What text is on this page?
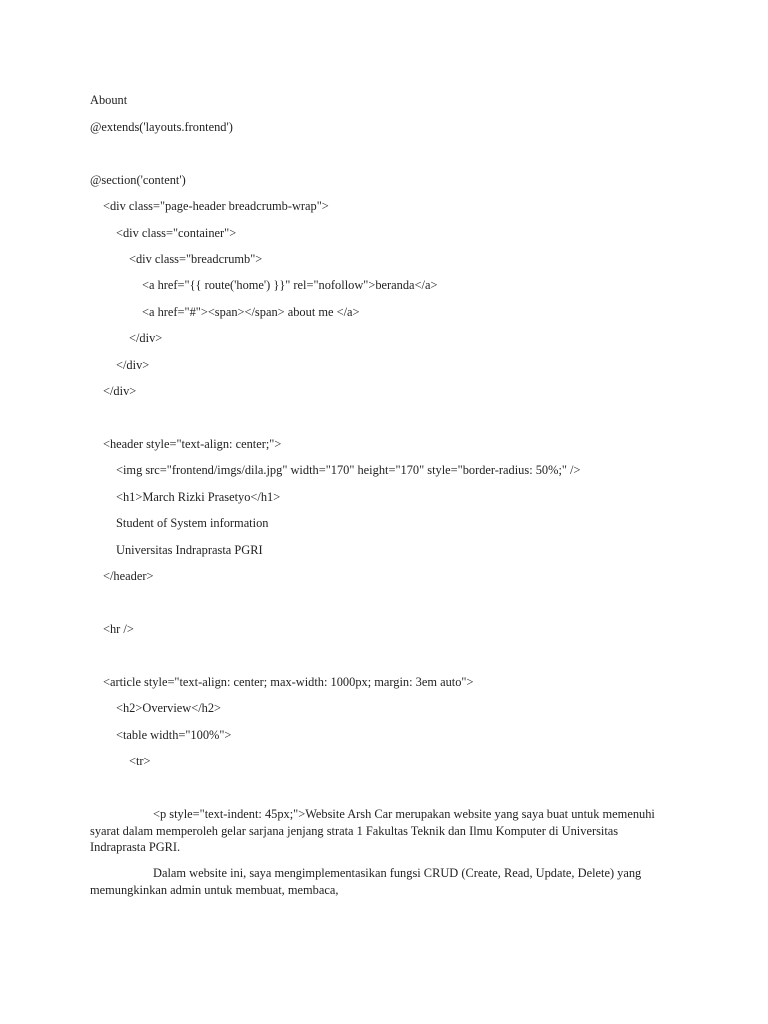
Abount
@extends('layouts.frontend')
@section('content')
<div class="page-header breadcrumb-wrap">
<div class="container">
<div class="breadcrumb">
<a href="{{ route('home') }}" rel="nofollow">beranda</a>
<a href="#"><span></span> about me </a>
</div>
</div>
</div>
<header style="text-align: center;">
<img src="frontend/imgs/dila.jpg" width="170" height="170" style="border-radius: 50%;" />
<h1>March Rizki Prasetyo</h1>
Student of System information
Universitas Indraprasta PGRI
</header>
<hr />
<article style="text-align: center; max-width: 1000px; margin: 3em auto">
<h2>Overview</h2>
<table width="100%">
<tr>
<p style="text-indent: 45px;">Website Arsh Car merupakan website yang saya buat untuk memenuhi syarat dalam memperoleh gelar sarjana jenjang strata 1 Fakultas Teknik dan Ilmu Komputer di Universitas Indraprasta PGRI.
Dalam website ini, saya mengimplementasikan fungsi CRUD (Create, Read, Update, Delete) yang memungkinkan admin untuk membuat, membaca,
